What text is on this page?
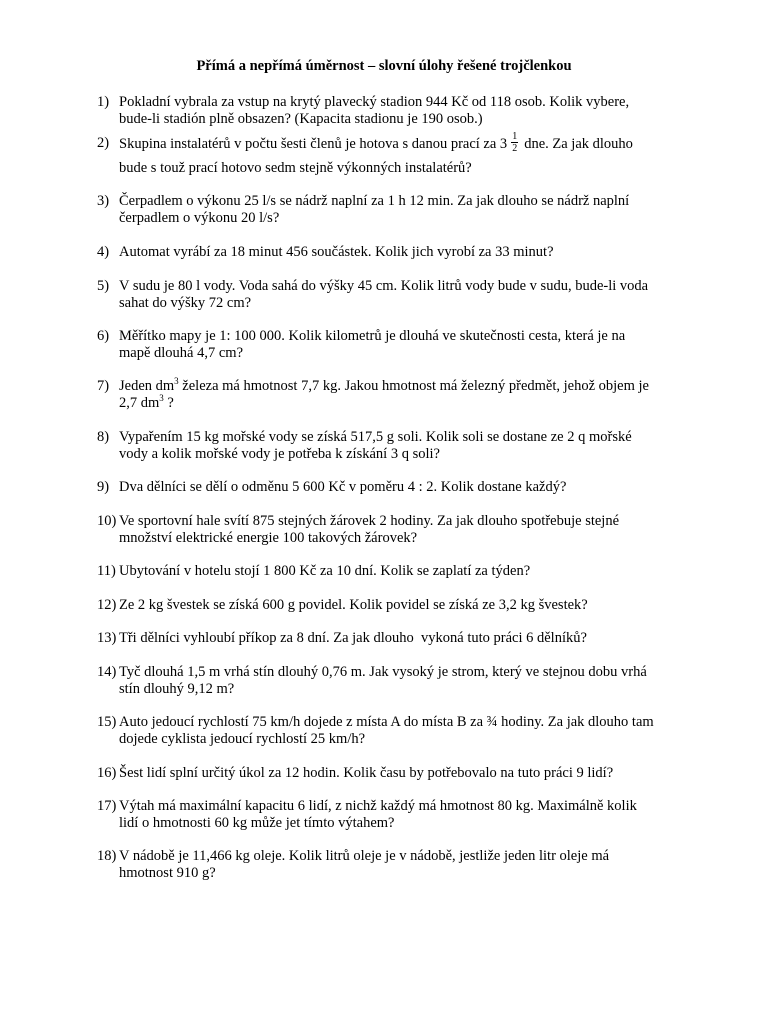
Přímá a nepřímá úměrnost – slovní úlohy řešené trojčlenkou
1) Pokladní vybrala za vstup na krytý plavecký stadion 944 Kč od 118 osob. Kolik vybere,
bude-li stadión plně obsazen? (Kapacita stadionu je 190 osob.)
2) Skupina instalatérů v počtu šesti členů je hotova s danou prací za $3 \frac{1}{2}$ dne. Za jak dlouho
bude s touž prací hotovo sedm stejně výkonných instalatérů?
3) Čerpadlem o výkonu 25 l/s se nádrž naplní za 1 h 12 min. Za jak dlouho se nádrž naplní
čerpadlem o výkonu 20 l/s?
4) Automat vyrábí za 18 minut 456 součástek. Kolik jich vyrobí za 33 minut?
5) V sudu je 80 l vody. Voda sahá do výšky 45 cm. Kolik litrů vody bude v sudu, bude-li voda
sahat do výšky 72 cm?
6) Měřítko mapy je 1: 100 000. Kolik kilometrů je dlouhá ve skutečnosti cesta, která je na
mapě dlouhá 4,7 cm?
7) Jeden $dm^3$ železa má hmotnost 7,7 kg. Jakou hmotnost má železný předmět, jehož objem je
2,7 $dm^3$ ?
8) Vypařením 15 kg mořské vody se získá 517,5 g soli. Kolik soli se dostane ze 2 q mořské
vody a kolik mořské vody je potřeba k získání 3 q soli?
9) Dva dělníci se dělí o odměnu 5 600 Kč v poměru 4 : 2. Kolik dostane každý?
10) Ve sportovní hale svítí 875 stejných žárovek 2 hodiny. Za jak dlouho spotřebuje stejné
množství elektrické energie 100 takových žárovek?
11) Ubytování v hotelu stojí 1 800 Kč za 10 dní. Kolik se zaplatí za týden?
12) Ze 2 kg švestek se získá 600 g povidel. Kolik povidel se získá ze 3,2 kg švestek?
13) Tři dělníci vyhloubí příkop za 8 dní. Za jak dlouho  vykoná tuto práci 6 dělníků?
14) Tyč dlouhá 1,5 m vrhá stín dlouhý 0,76 m. Jak vysoký je strom, který ve stejnou dobu vrhá
stín dlouhý 9,12 m?
15) Auto jedoucí rychlostí 75 km/h dojede z místa A do místa B za ¾ hodiny. Za jak dlouho tam
dojede cyklista jedoucí rychlostí 25 km/h?
16) Šest lidí splní určitý úkol za 12 hodin. Kolik času by potřebovalo na tuto práci 9 lidí?
17) Výtah má maximální kapacitu 6 lidí, z nichž každý má hmotnost 80 kg. Maximálně kolik
lidí o hmotnosti 60 kg může jet tímto výtahem?
18) V nádobě je 11,466 kg oleje. Kolik litrů oleje je v nádobě, jestliže jeden litr oleje má
hmotnost 910 g?
